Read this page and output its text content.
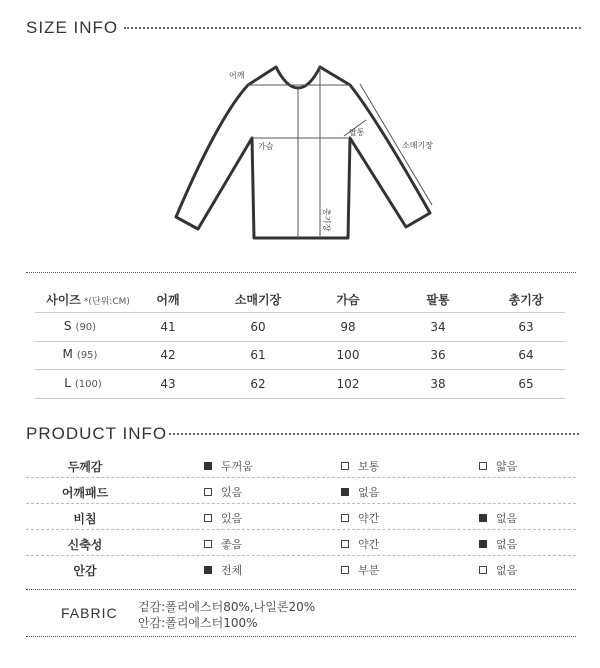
SIZE INFO
어깨
가슴
팔통
소매기장
총기장
사이즈 *(단위:CM) 어깨	소매기장	가슴	팔통	총기장
S (90)	41	60	98	34	63
M (95)	42	61	100	36	64
L (100)	43	62	102	38	65
PRODUCT INFO
두께감	두꺼움	보통	얇음
어깨패드	있음	없음
비침	있음	약간	없음
신축성	좋음	약간	없음
안감	전체	부분	없음
FABRIC 겉감:폴리에스터80%,나일론20%
안감:폴리에스터100%
